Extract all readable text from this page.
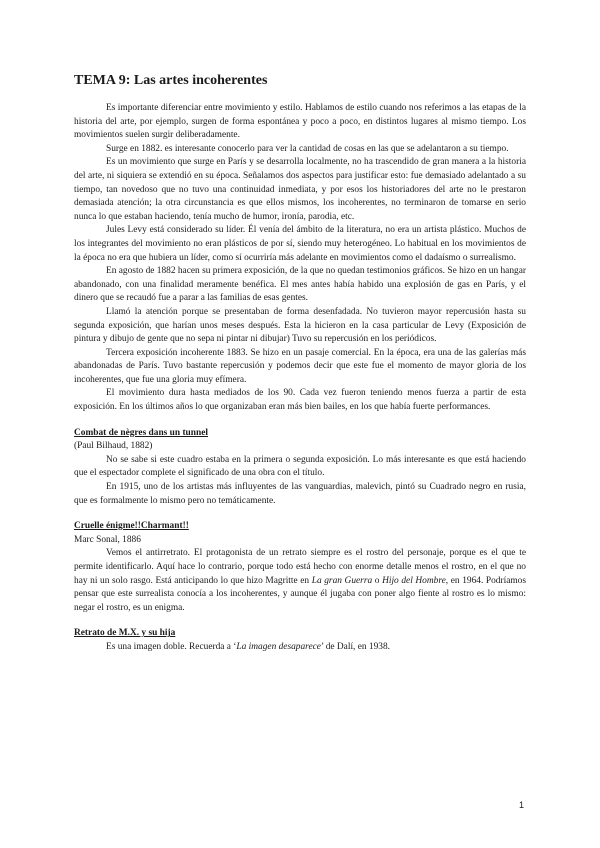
TEMA 9: Las artes incoherentes

Es importante diferenciar entre movimiento y estilo. Hablamos de estilo cuando nos referimos a las etapas de la historia del arte, por ejemplo, surgen de forma espontánea y poco a poco, en distintos lugares al mismo tiempo. Los movimientos suelen surgir deliberadamente.

Surge en 1882. es interesante conocerlo para ver la cantidad de cosas en las que se adelantaron a su tiempo.

Es un movimiento que surge en París y se desarrolla localmente, no ha trascendido de gran manera a la historia del arte, ni siquiera se extendió en su época. Señalamos dos aspectos para justificar esto: fue demasiado adelantado a su tiempo, tan novedoso que no tuvo una continuidad inmediata, y por esos los historiadores del arte no le prestaron demasiada atención; la otra circunstancia es que ellos mismos, los incoherentes, no terminaron de tomarse en serio nunca lo que estaban haciendo, tenía mucho de humor, ironía, parodia, etc.

Jules Levy está considerado su líder. Él venía del ámbito de la literatura, no era un artista plástico. Muchos de los integrantes del movimiento no eran plásticos de por sí, siendo muy heterogéneo. Lo habitual en los movimientos de la época no era que hubiera un líder, como sí ocurriría más adelante en movimientos como el dadaísmo o surrealismo.

En agosto de 1882 hacen su primera exposición, de la que no quedan testimonios gráficos. Se hizo en un hangar abandonado, con una finalidad meramente benéfica. El mes antes había habido una explosión de gas en París, y el dinero que se recaudó fue a parar a las familias de esas gentes.

Llamó la atención porque se presentaban de forma desenfadada. No tuvieron mayor repercusión hasta su segunda exposición, que harían unos meses después. Esta la hicieron en la casa particular de Levy (Exposición de pintura y dibujo de gente que no sepa ni pintar ni dibujar) Tuvo su repercusión en los periódicos.

Tercera exposición incoherente 1883. Se hizo en un pasaje comercial. En la época, era una de las galerías más abandonadas de París. Tuvo bastante repercusión y podemos decir que este fue el momento de mayor gloria de los incoherentes, que fue una gloria muy efímera.

El movimiento dura hasta mediados de los 90. Cada vez fueron teniendo menos fuerza a partir de esta exposición. En los últimos años lo que organizaban eran más bien bailes, en los que había fuerte performances.

Combat de nègres dans un tunnel
(Paul Bilhaud, 1882)

No se sabe si este cuadro estaba en la primera o segunda exposición. Lo más interesante es que está haciendo que el espectador complete el significado de una obra con el título.

En 1915, uno de los artistas más influyentes de las vanguardias, malevich, pintó su Cuadrado negro en rusia, que es formalmente lo mismo pero no temáticamente.

Cruelle énigme!!Charmant!!
Marc Sonal, 1886

Vemos el antirretrato. El protagonista de un retrato siempre es el rostro del personaje, porque es el que te permite identificarlo. Aquí hace lo contrario, porque todo está hecho con enorme detalle menos el rostro, en el que no hay ni un solo rasgo. Está anticipando lo que hizo Magritte en La gran Guerra o Hijo del Hombre, en 1964. Podríamos pensar que este surrealista conocía a los incoherentes, y aunque él jugaba con poner algo fiente al rostro es lo mismo: negar el rostro, es un enigma.

Retrato de M.X. y su hija

Es una imagen doble. Recuerda a ‘La imagen desaparece’ de Dalí, en 1938.

1
